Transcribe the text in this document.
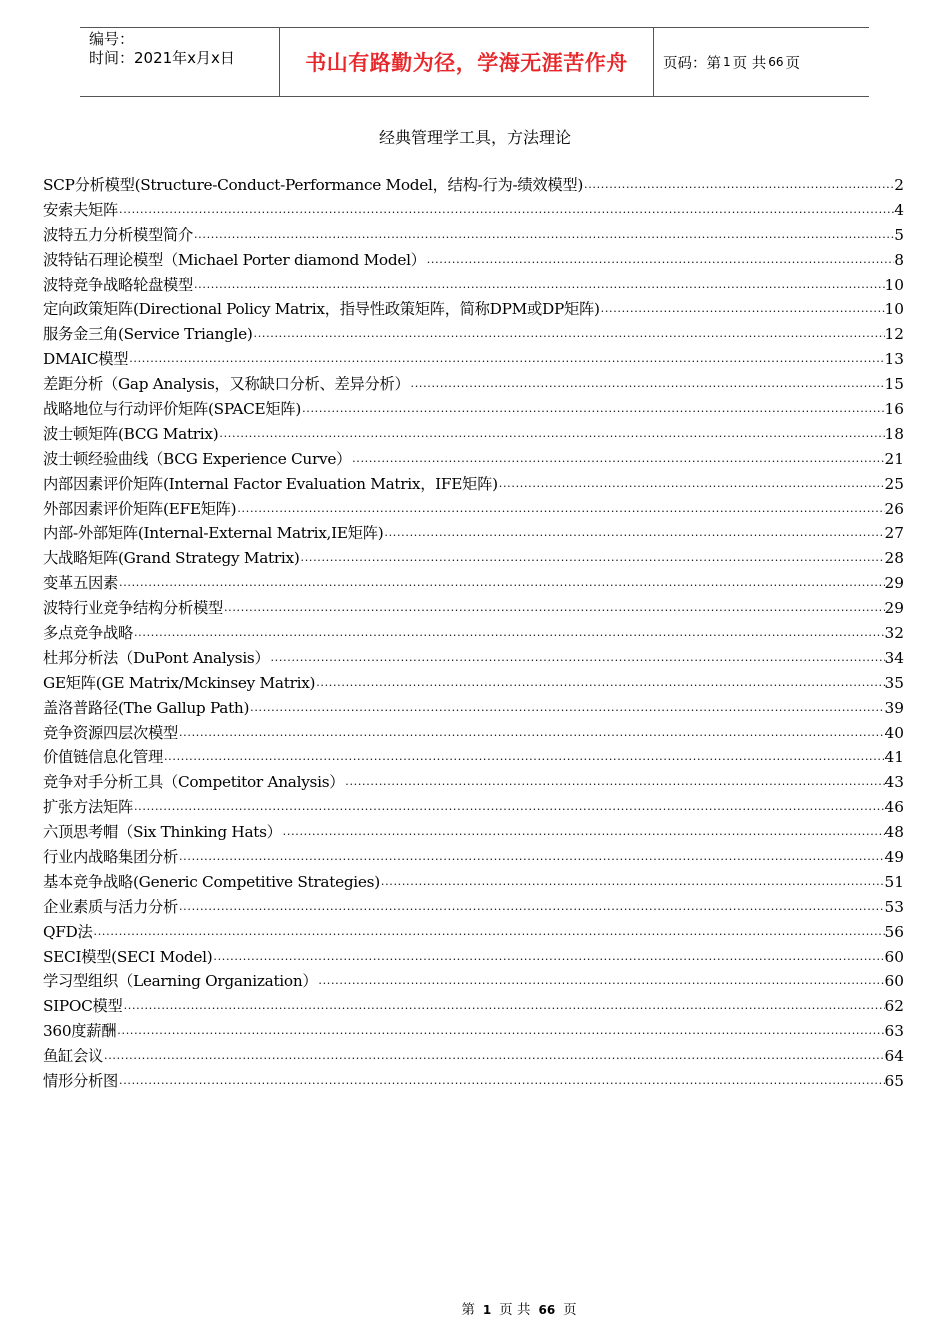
编号：
时间：2021年x月x日	书山有路勤为径，学海无涯苦作舟	页码：第 1 页 共 66 页
经典管理学工具，方法理论
SCP分析模型(Structure-Conduct-Performance Model，结构-行为-绩效模型) .....	2
安索夫矩阵 .....	4
波特五力分析模型简介 .....	5
波特钻石理论模型（Michael Porter diamond Model） .....	8
波特竞争战略轮盘模型 .....	10
定向政策矩阵(Directional Policy Matrix，指导性政策矩阵，简称DPM或DP矩阵) .....	10
服务金三角(Service Triangle) .....	12
DMAIC模型 .....	13
差距分析（Gap Analysis，又称缺口分析、差异分析） .....	15
战略地位与行动评价矩阵(SPACE矩阵) .....	16
波士顿矩阵(BCG Matrix) .....	18
波士顿经验曲线（BCG Experience Curve） .....	21
内部因素评价矩阵(Internal Factor Evaluation Matrix，IFE矩阵) .....	25
外部因素评价矩阵(EFE矩阵) .....	26
内部-外部矩阵(Internal-External Matrix,IE矩阵) .....	27
大战略矩阵(Grand Strategy Matrix) .....	28
变革五因素 .....	29
波特行业竞争结构分析模型 .....	29
多点竞争战略 .....	32
杜邦分析法（DuPont Analysis） .....	34
GE矩阵(GE Matrix/Mckinsey Matrix) .....	35
盖洛普路径(The Gallup Path) .....	39
竞争资源四层次模型 .....	40
价值链信息化管理 .....	41
竞争对手分析工具（Competitor Analysis） .....	43
扩张方法矩阵 .....	46
六顶思考帽（Six Thinking Hats） .....	48
行业内战略集团分析 .....	49
基本竞争战略(Generic Competitive Strategies) .....	51
企业素质与活力分析 .....	53
QFD法 .....	56
SECI模型(SECI Model) .....	60
学习型组织（Learning Organization） .....	60
SIPOC模型 .....	62
360度薪酬 .....	63
鱼缸会议 .....	64
情形分析图 .....	65
第 1 页 共 66 页
